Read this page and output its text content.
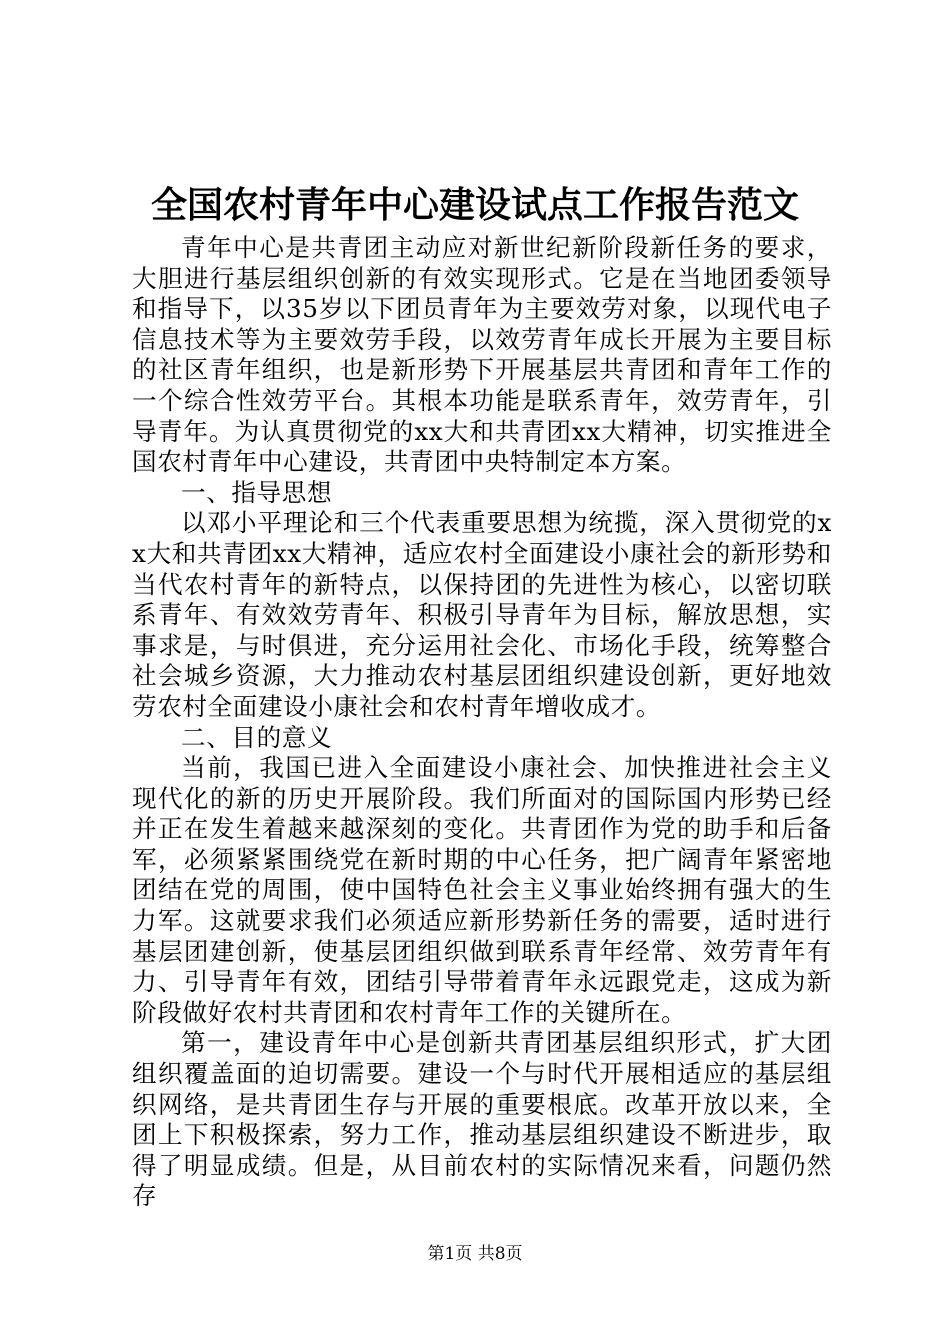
全国农村青年中心建设试点工作报告范文

青年中心是共青团主动应对新世纪新阶段新任务的要求，大胆进行基层组织创新的有效实现形式。它是在当地团委领导和指导下，以35岁以下团员青年为主要效劳对象，以现代电子信息技术等为主要效劳手段，以效劳青年成长开展为主要目标的社区青年组织，也是新形势下开展基层共青团和青年工作的一个综合性效劳平台。其根本功能是联系青年，效劳青年，引导青年。为认真贯彻党的xx大和共青团xx大精神，切实推进全国农村青年中心建设，共青团中央特制定本方案。

一、指导思想

以邓小平理论和三个代表重要思想为统揽，深入贯彻党的xx大和共青团xx大精神，适应农村全面建设小康社会的新形势和当代农村青年的新特点，以保持团的先进性为核心，以密切联系青年、有效效劳青年、积极引导青年为目标，解放思想，实事求是，与时俱进，充分运用社会化、市场化手段，统筹整合社会城乡资源，大力推动农村基层团组织建设创新，更好地效劳农村全面建设小康社会和农村青年增收成才。

二、目的意义

当前，我国已进入全面建设小康社会、加快推进社会主义现代化的新的历史开展阶段。我们所面对的国际国内形势已经并正在发生着越来越深刻的变化。共青团作为党的助手和后备军，必须紧紧围绕党在新时期的中心任务，把广阔青年紧密地团结在党的周围，使中国特色社会主义事业始终拥有强大的生力军。这就要求我们必须适应新形势新任务的需要，适时进行基层团建创新，使基层团组织做到联系青年经常、效劳青年有力、引导青年有效，团结引导带着青年永远跟党走，这成为新阶段做好农村共青团和农村青年工作的关键所在。

第一，建设青年中心是创新共青团基层组织形式，扩大团组织覆盖面的迫切需要。建设一个与时代开展相适应的基层组织网络，是共青团生存与开展的重要根底。改革开放以来，全团上下积极探索，努力工作，推动基层组织建设不断进步，取得了明显成绩。但是，从目前农村的实际情况来看，问题仍然存

第1页 共8页
